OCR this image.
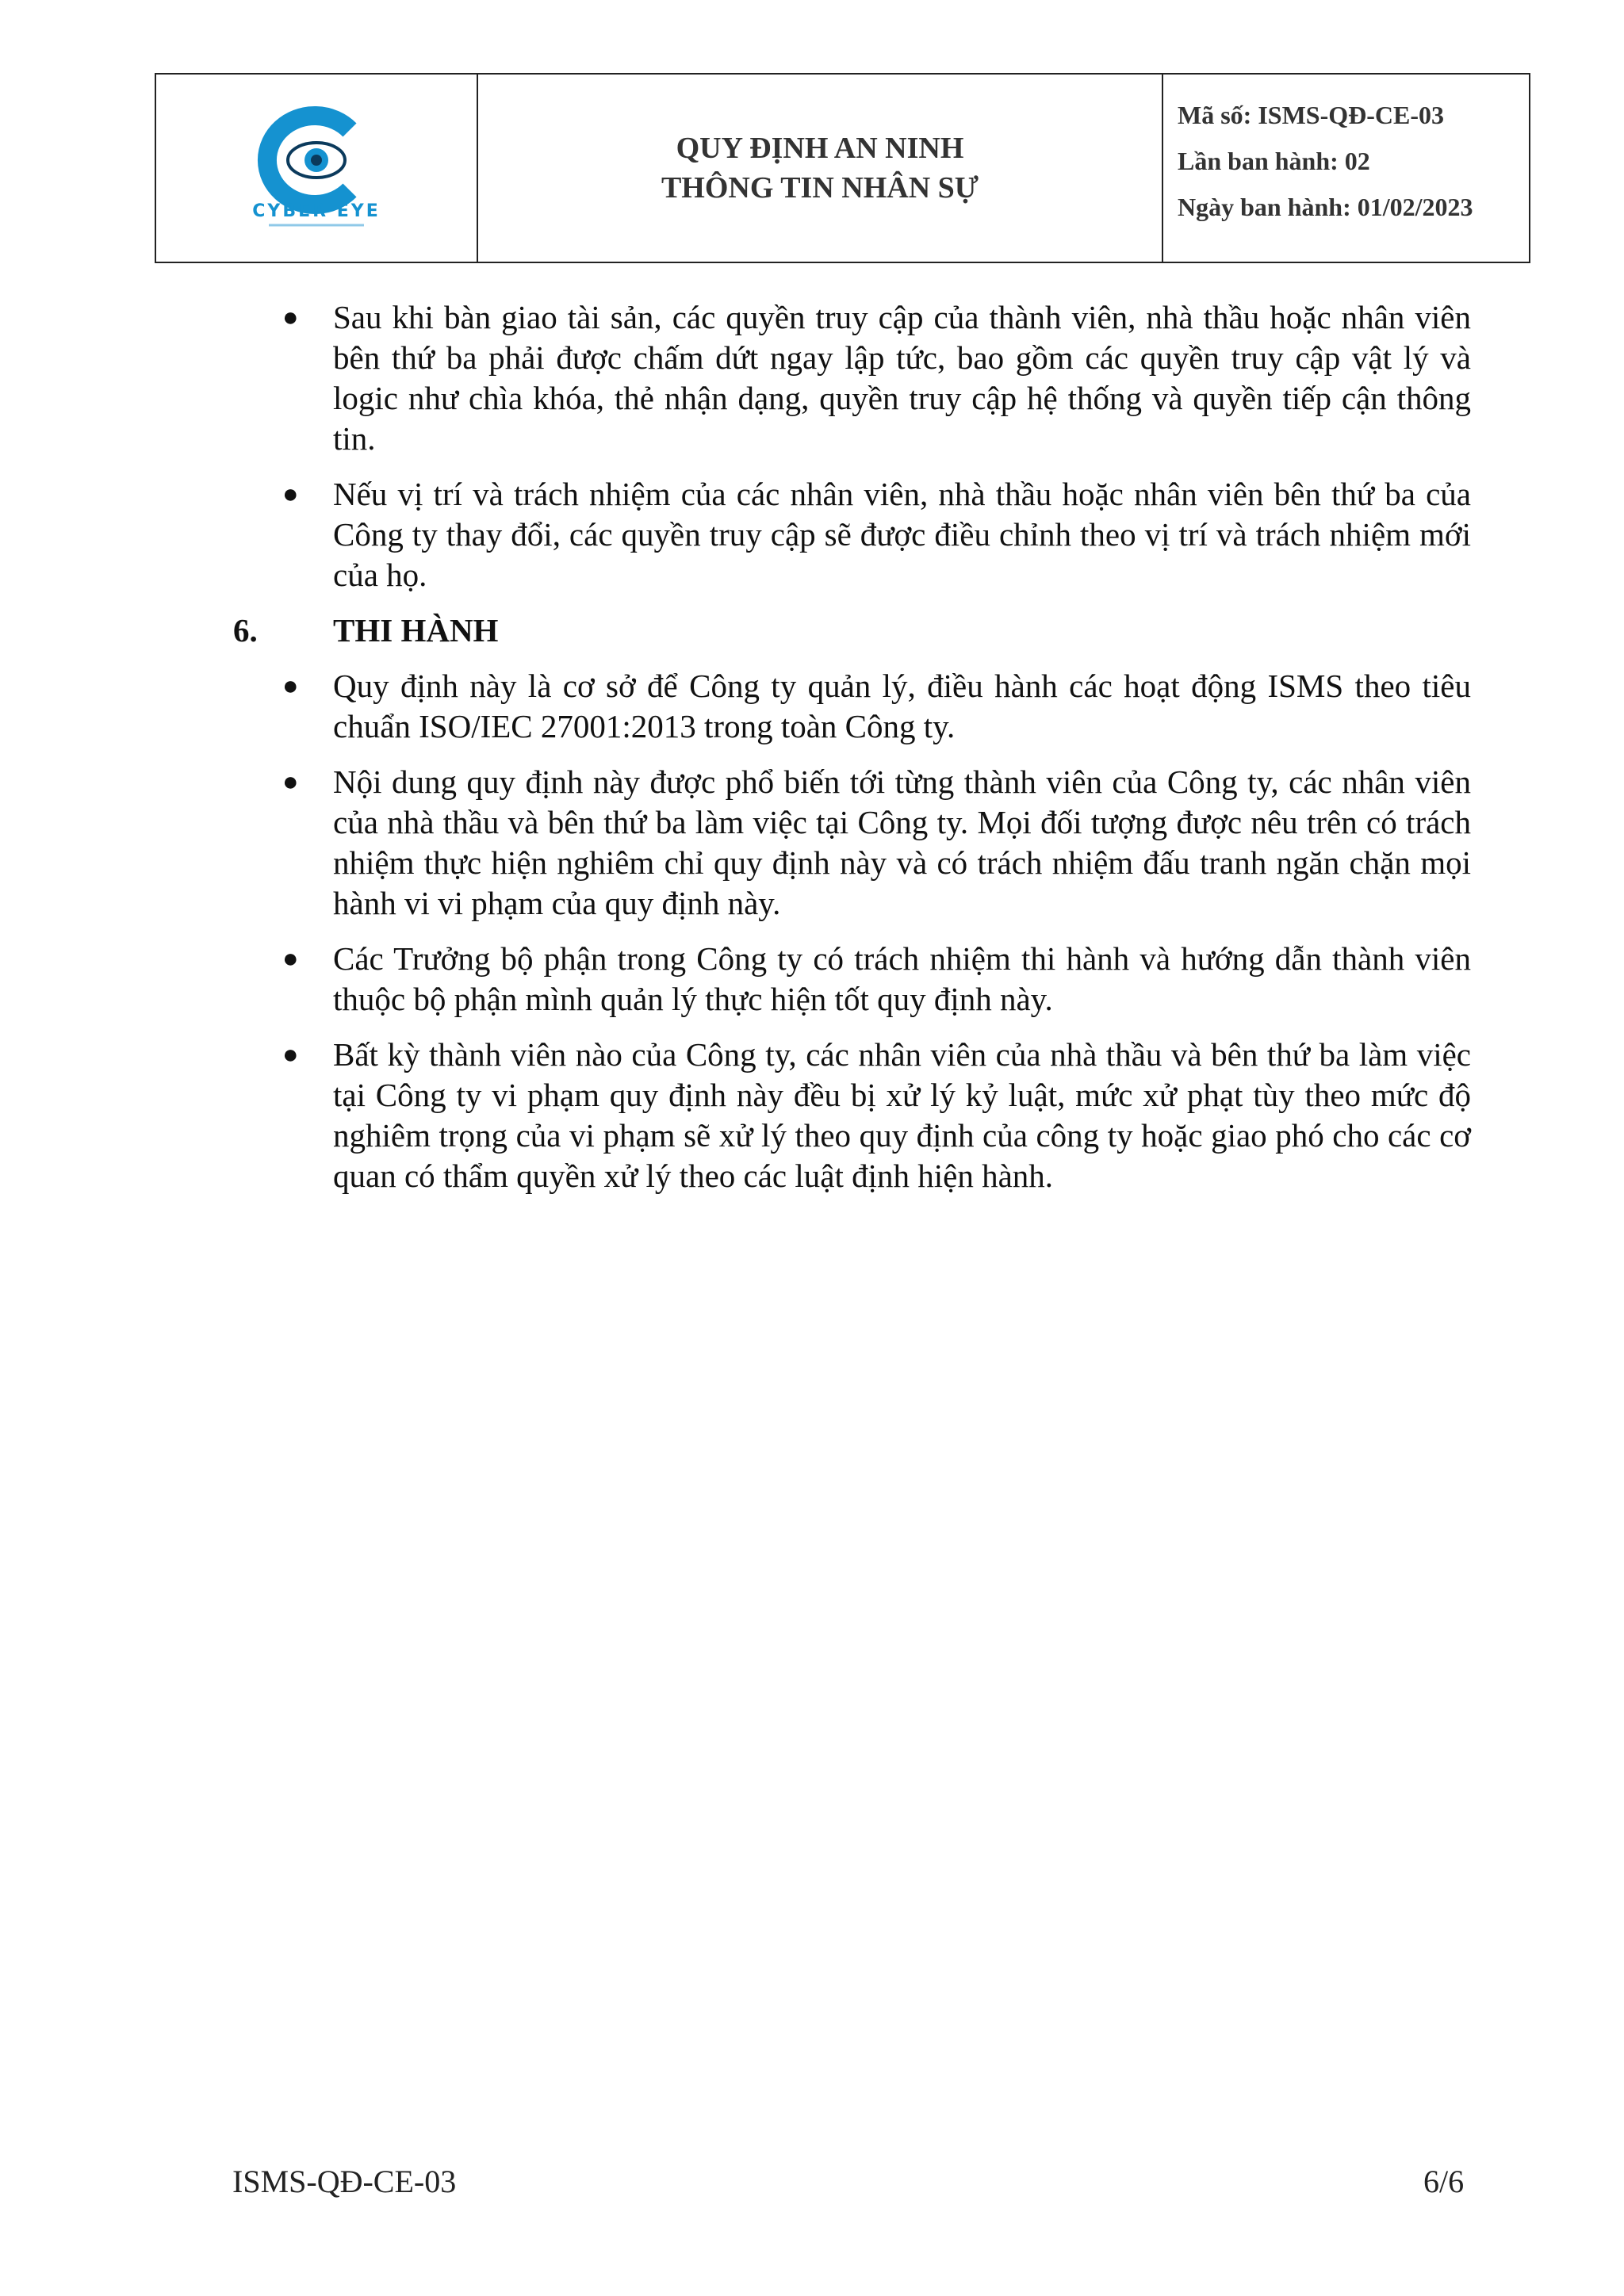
CYBER EYE
QUY ĐỊNH AN NINH
THÔNG TIN NHÂN SỰ
Mã số: ISMS-QĐ-CE-03
Lần ban hành: 02
Ngày ban hành: 01/02/2023
● Sau khi bàn giao tài sản, các quyền truy cập của thành viên, nhà thầu hoặc nhân viên bên thứ ba phải được chấm dứt ngay lập tức, bao gồm các quyền truy cập vật lý và logic như chìa khóa, thẻ nhận dạng, quyền truy cập hệ thống và quyền tiếp cận thông tin.
● Nếu vị trí và trách nhiệm của các nhân viên, nhà thầu hoặc nhân viên bên thứ ba của Công ty thay đổi, các quyền truy cập sẽ được điều chỉnh theo vị trí và trách nhiệm mới của họ.
6. THI HÀNH
● Quy định này là cơ sở để Công ty quản lý, điều hành các hoạt động ISMS theo tiêu chuẩn ISO/IEC 27001:2013 trong toàn Công ty.
● Nội dung quy định này được phổ biến tới từng thành viên của Công ty, các nhân viên của nhà thầu và bên thứ ba làm việc tại Công ty. Mọi đối tượng được nêu trên có trách nhiệm thực hiện nghiêm chỉ quy định này và có trách nhiệm đấu tranh ngăn chặn mọi hành vi vi phạm của quy định này.
● Các Trưởng bộ phận trong Công ty có trách nhiệm thi hành và hướng dẫn thành viên thuộc bộ phận mình quản lý thực hiện tốt quy định này.
● Bất kỳ thành viên nào của Công ty, các nhân viên của nhà thầu và bên thứ ba làm việc tại Công ty vi phạm quy định này đều bị xử lý kỷ luật, mức xử phạt tùy theo mức độ nghiêm trọng của vi phạm sẽ xử lý theo quy định của công ty hoặc giao phó cho các cơ quan có thẩm quyền xử lý theo các luật định hiện hành.
ISMS-QĐ-CE-03	6/6
